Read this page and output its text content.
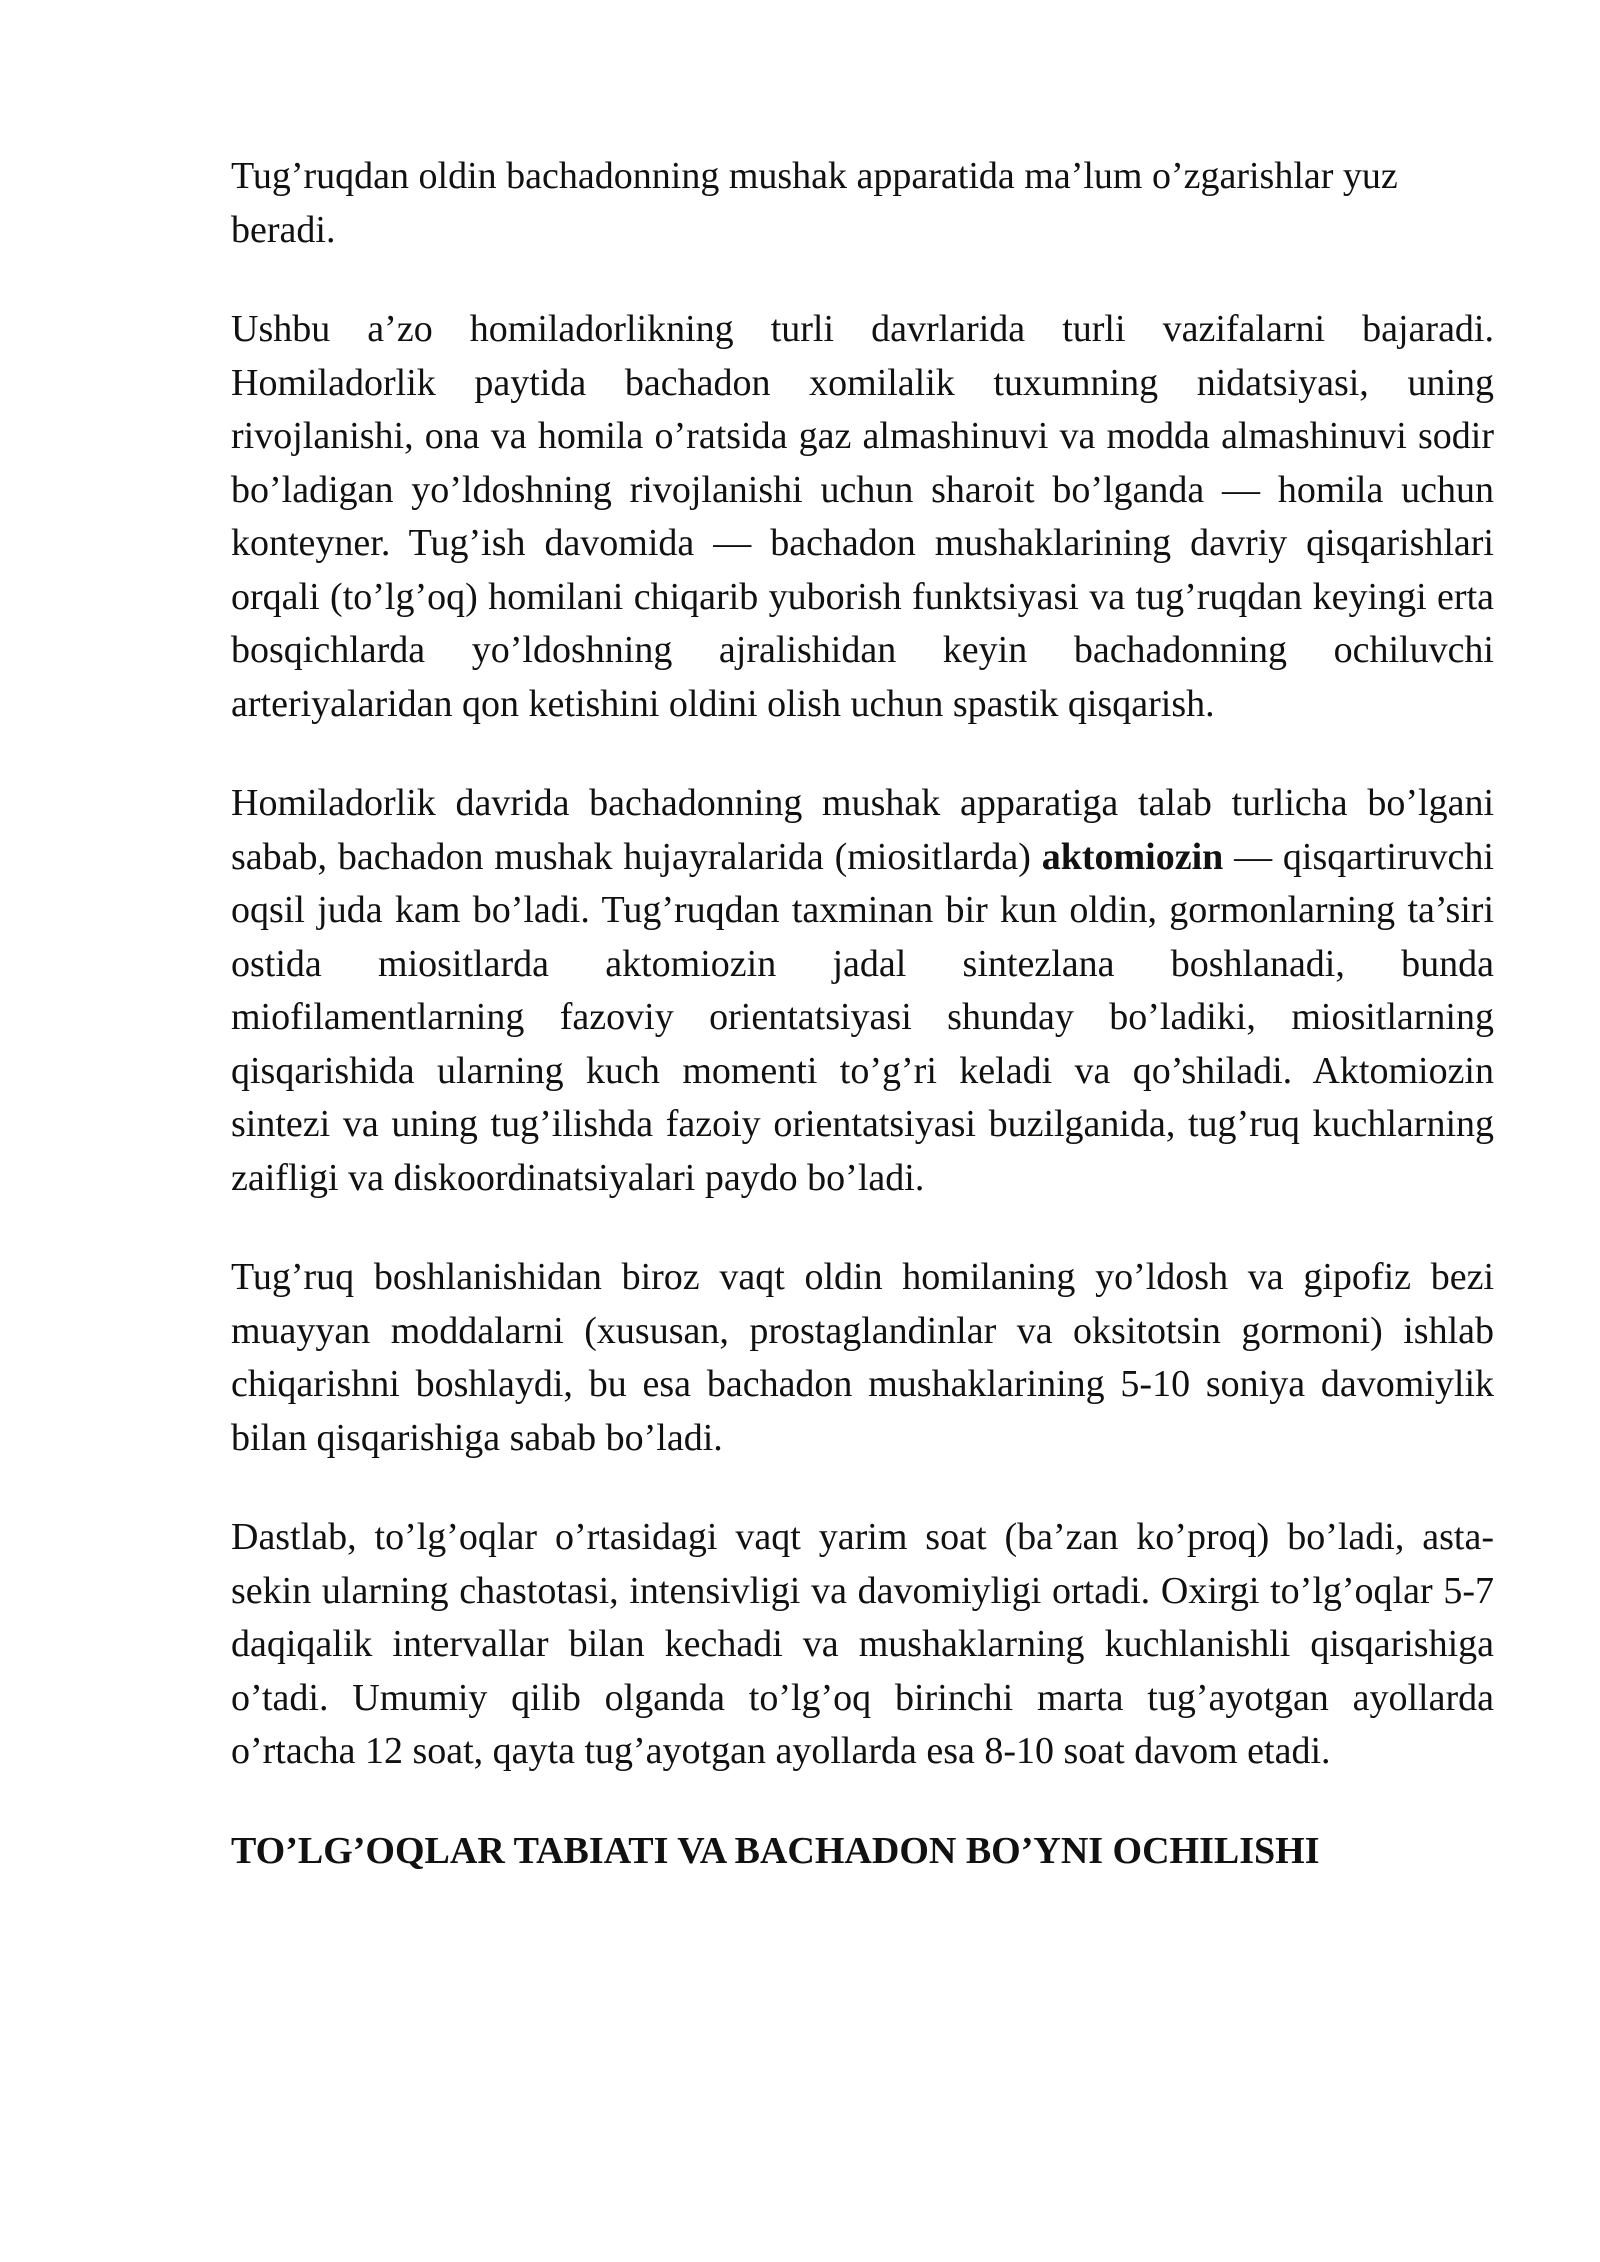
Tug’ruqdan oldin bachadonning mushak apparatida ma’lum o’zgarishlar yuz beradi.

Ushbu a’zo homiladorlikning turli davrlarida turli vazifalarni bajaradi. Homiladorlik paytida bachadon xomilalik tuxumning nidatsiyasi, uning rivojlanishi, ona va homila o’ratsida gaz almashinuvi va modda almashinuvi sodir bo’ladigan yo’ldoshning rivojlanishi uchun sharoit bo’lganda — homila uchun konteyner. Tug’ish davomida — bachadon mushaklarining davriy qisqarishlari orqali (to’lg’oq) homilani chiqarib yuborish funktsiyasi va tug’ruqdan keyingi erta bosqichlarda yo’ldoshning ajralishidan keyin bachadonning ochiluvchi arteriyalaridan qon ketishini oldini olish uchun spastik qisqarish.

Homiladorlik davrida bachadonning mushak apparatiga talab turlicha bo’lgani sabab, bachadon mushak hujayralarida (miositlarda) aktomiozin — qisqartiruvchi oqsil juda kam bo’ladi. Tug’ruqdan taxminan bir kun oldin, gormonlarning ta’siri ostida miositlarda aktomiozin jadal sintezlana boshlanadi, bunda miofilamentlarning fazoviy orientatsiyasi shunday bo’ladiki, miositlarning qisqarishida ularning kuch momenti to’g’ri keladi va qo’shiladi. Aktomiozin sintezi va uning tug’ilishda fazoiy orientatsiyasi buzilganida, tug’ruq kuchlarning zaifligi va diskoordinatsiyalari paydo bo’ladi.

Tug’ruq boshlanishidan biroz vaqt oldin homilaning yo’ldosh va gipofiz bezi muayyan moddalarni (xususan, prostaglandinlar va oksitotsin gormoni) ishlab chiqarishni boshlaydi, bu esa bachadon mushaklarining 5-10 soniya davomiylik bilan qisqarishiga sabab bo’ladi.

Dastlab, to’lg’oqlar o’rtasidagi vaqt yarim soat (ba’zan ko’proq) bo’ladi, asta-sekin ularning chastotasi, intensivligi va davomiyligi ortadi. Oxirgi to’lg’oqlar 5-7 daqiqalik intervallar bilan kechadi va mushaklarning kuchlanishli qisqarishiga o’tadi. Umumiy qilib olganda to’lg’oq birinchi marta tug’ayotgan ayollarda o’rtacha 12 soat, qayta tug’ayotgan ayollarda esa 8-10 soat davom etadi.

TO’LG’OQLAR TABIATI VA BACHADON BO’YNI OCHILISHI
